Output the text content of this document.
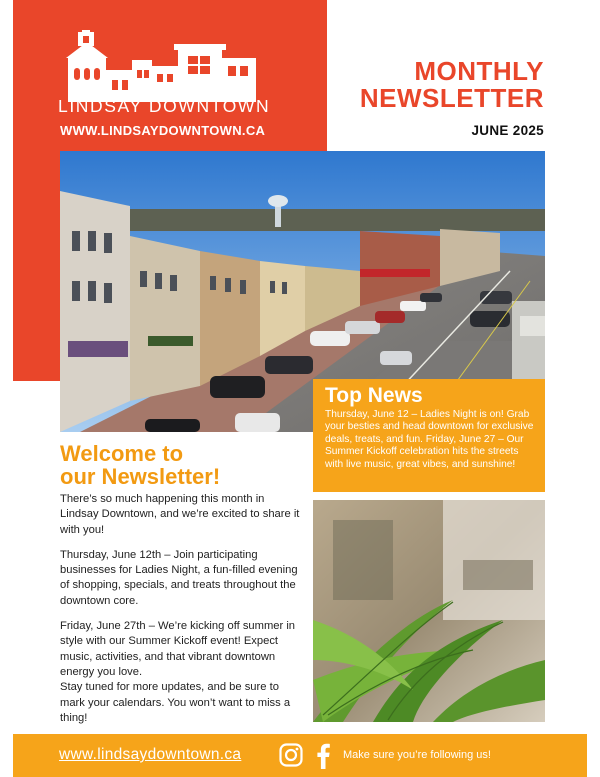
LINDSAY DOWNTOWN
WWW.LINDSAYDOWNTOWN.CA
MONTHLY
NEWSLETTER
JUNE 2025
Top News

Thursday, June 12 – Ladies Night is on! Grab your besties and head downtown for exclusive deals, treats, and fun. Friday, June 27 – Our Summer Kickoff celebration hits the streets with live music, great vibes, and sunshine!

Welcome to
our Newsletter!

There’s so much happening this month in Lindsay Downtown, and we’re excited to share it with you!

Thursday, June 12th – Join participating businesses for Ladies Night, a fun-filled evening of shopping, specials, and treats throughout the downtown core.

Friday, June 27th – We’re kicking off summer in style with our Summer Kickoff event! Expect music, activities, and that vibrant downtown energy you love.

Stay tuned for more updates, and be sure to mark your calendars. You won’t want to miss a thing!

www.lindsaydowntown.ca	Make sure you’re following us!
